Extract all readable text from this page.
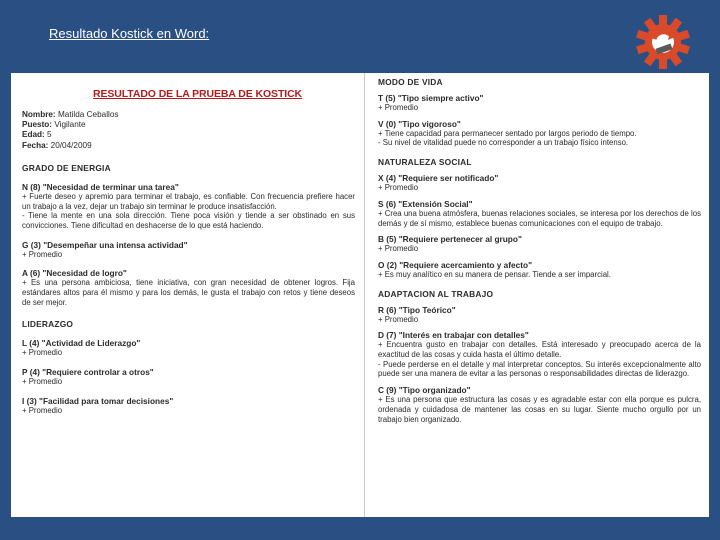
Resultado Kostick en Word:
RESULTADO DE LA PRUEBA DE KOSTICK
Nombre: Matilda Ceballos
Puesto: Vigilante
Edad: 5
Fecha: 20/04/2009
GRADO DE ENERGIA
N (8) "Necesidad de terminar una tarea"
+ Fuerte deseo y apremio para terminar el trabajo, es confiable. Con frecuencia prefiere hacer un trabajo a la vez, dejar un trabajo sin terminar le produce insatisfacción.
- Tiene la mente en una sola dirección. Tiene poca visión y tiende a ser obstinado en sus convicciones. Tiene dificultad en deshacerse de lo que está haciendo.
G (3) "Desempeñar una intensa actividad"
+ Promedio
A (6) "Necesidad de logro"
+ Es una persona ambiciosa, tiene iniciativa, con gran necesidad de obtener logros. Fija estándares altos para él mismo y para los demás, le gusta el trabajo con retos y tiene deseos de ser mejor.
LIDERAZGO
L (4) "Actividad de Liderazgo"
+ Promedio
P (4) "Requiere controlar a otros"
+ Promedio
I (3) "Facilidad para tomar decisiones"
+ Promedio
MODO DE VIDA
T (5) "Tipo siempre activo"
+ Promedio
V (0) "Tipo vigoroso"
+ Tiene capacidad para permanecer sentado por largos periodo de tiempo.
- Su nivel de vitalidad puede no corresponder a un trabajo físico intenso.
NATURALEZA SOCIAL
X (4) "Requiere ser notificado"
+ Promedio
S (6) "Extensión Social"
+ Crea una buena atmósfera, buenas relaciones sociales, se interesa por los derechos de los demás y de sí mismo, establece buenas comunicaciones con el equipo de trabajo.
B (5) "Requiere pertenecer al grupo"
+ Promedio
O (2) "Requiere acercamiento y afecto"
+ Es muy analítico en su manera de pensar. Tiende a ser imparcial.
ADAPTACION AL TRABAJO
R (6) "Tipo Teórico"
+ Promedio
D (7) "Interés en trabajar con detalles"
+ Encuentra gusto en trabajar con detalles. Está interesado y preocupado acerca de la exactitud de las cosas y cuida hasta el último detalle.
- Puede perderse en el detalle y mal interpretar conceptos. Su interés excepcionalmente alto puede ser una manera de evitar a las personas o responsabilidades directas de liderazgo.
C (9) "Tipo organizado"
+ Es una persona que estructura las cosas y es agradable estar con ella porque es pulcra, ordenada y cuidadosa de mantener las cosas en su lugar. Siente mucho orgullo por un trabajo bien organizado.
